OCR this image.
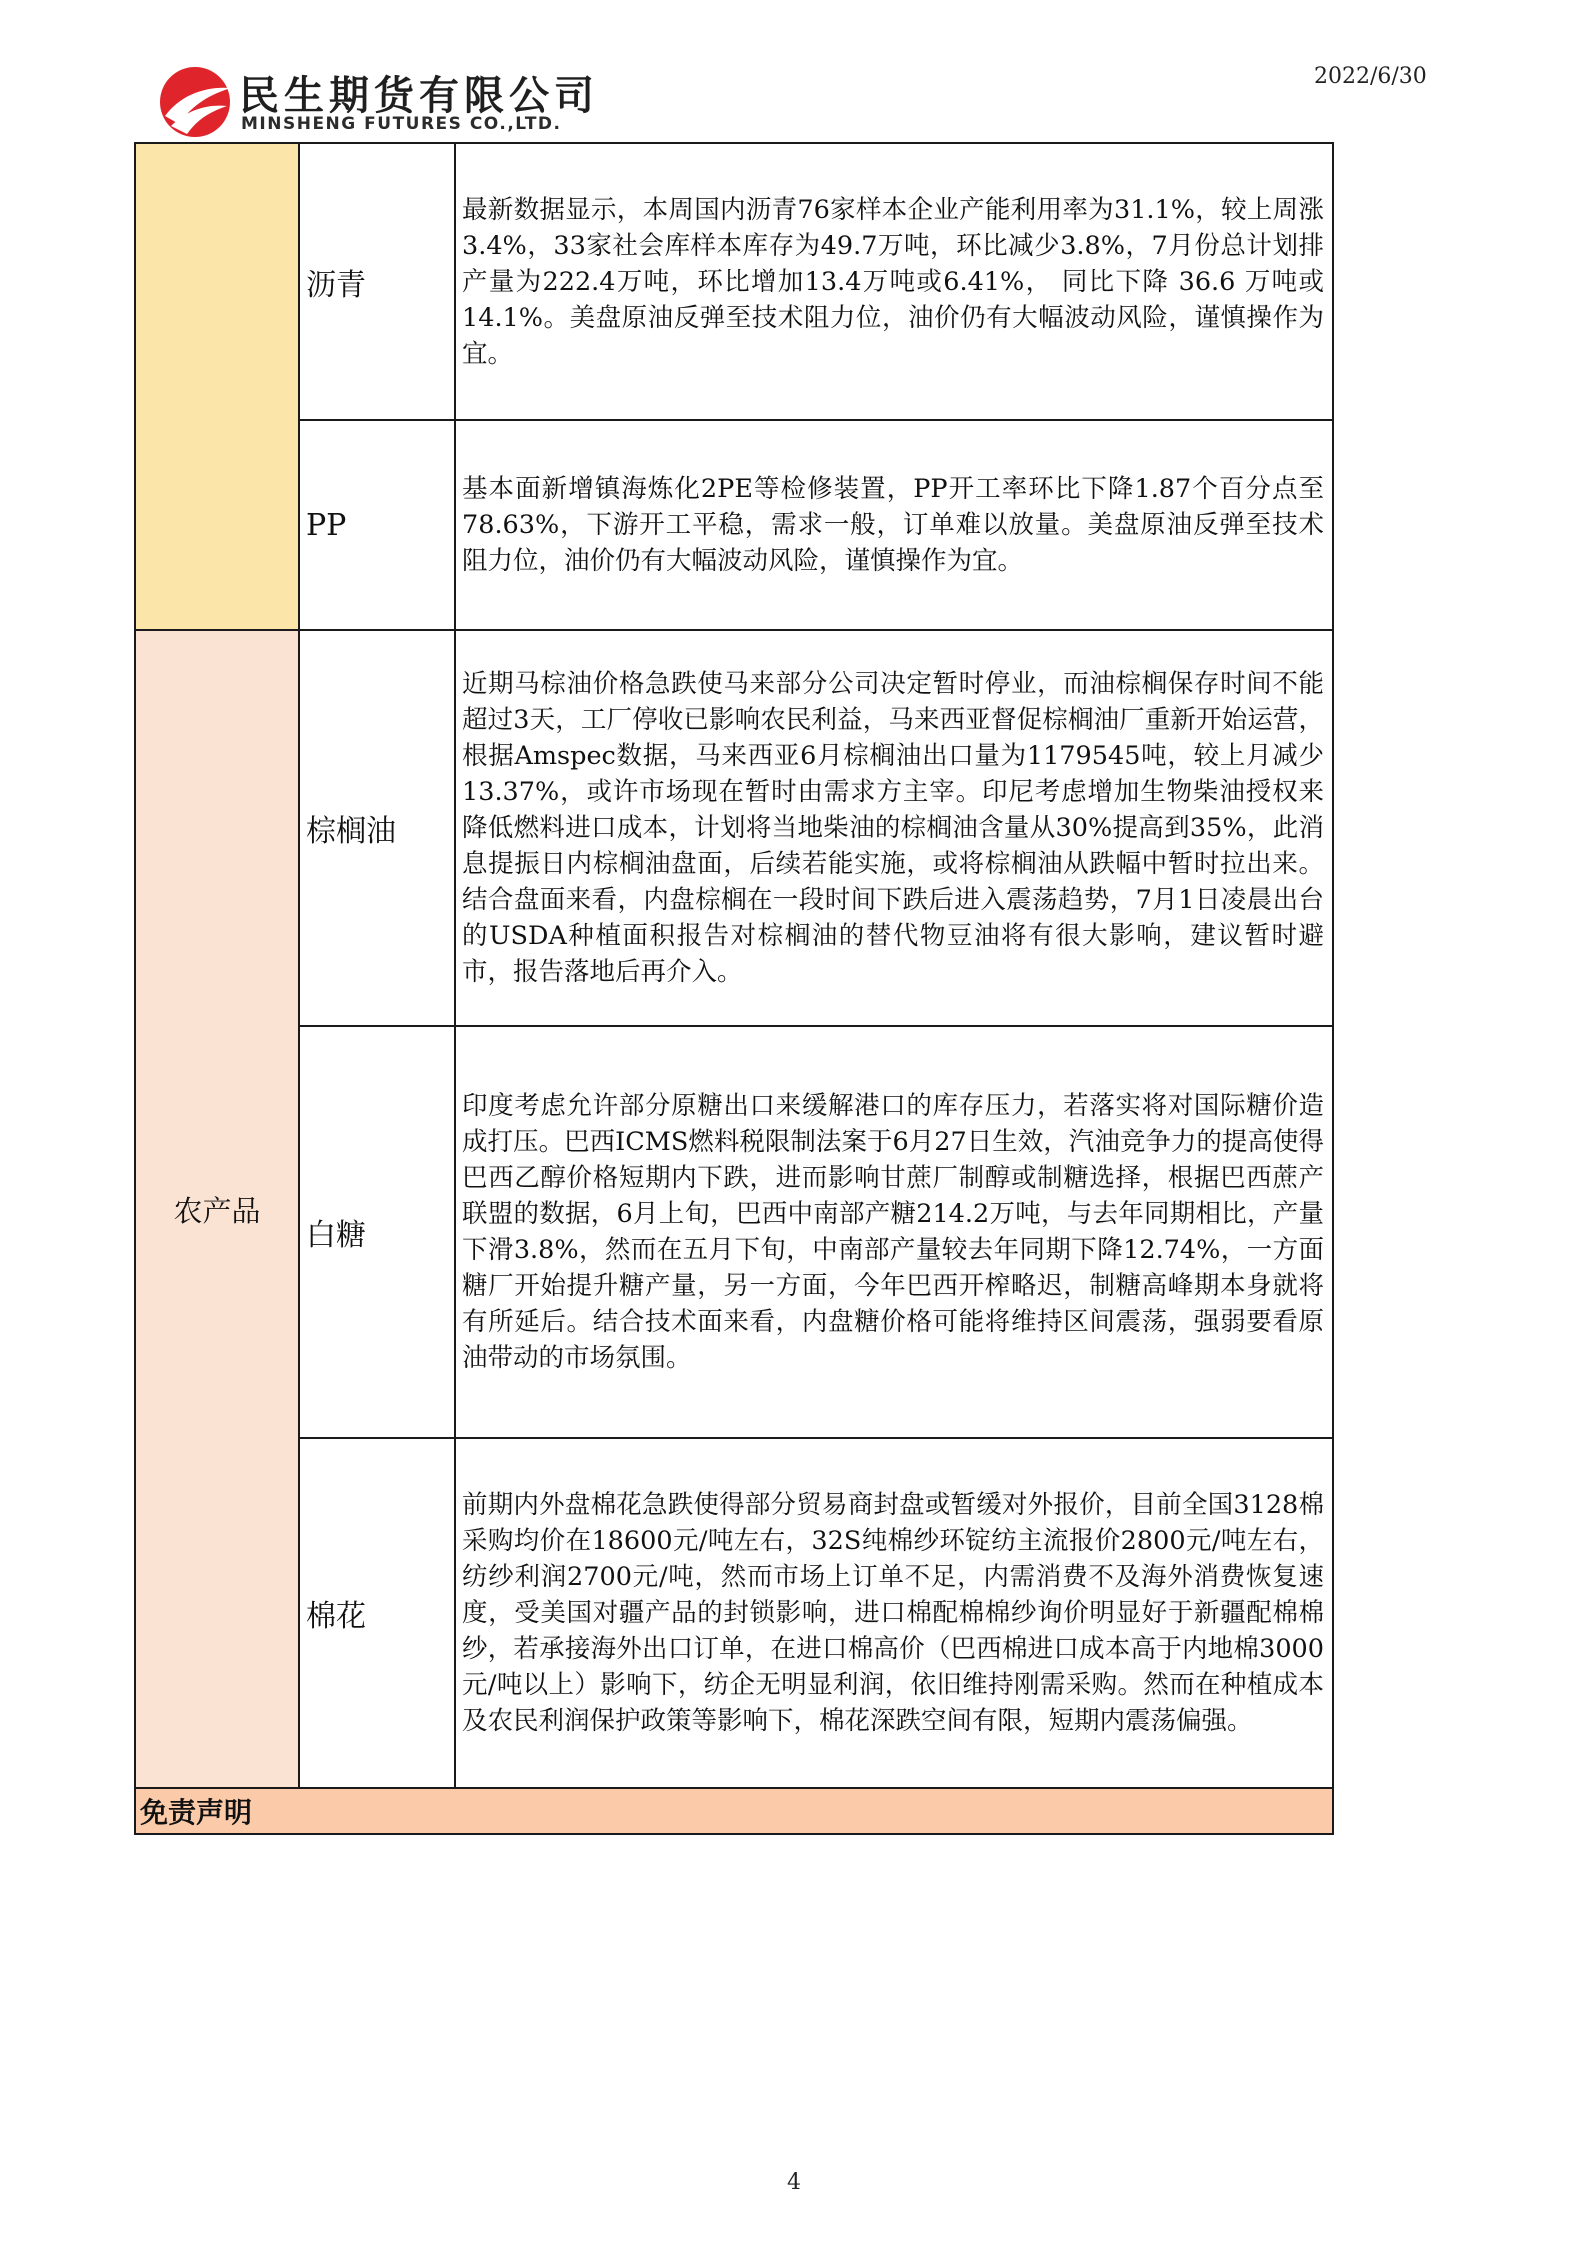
民生期货有限公司
MINSHENG FUTURES CO.,LTD.
2022/6/30
	沥青	最新数据显示，本周国内沥青76家样本企业产能利用率为31.1%，较上周涨3.4%，33家社会库样本库存为49.7万吨，环比减少3.8%，7月份总计划排产量为222.4万吨，环比增加13.4万吨或6.41%， 同比下降 36.6 万吨或 14.1%。美盘原油反弹至技术阻力位，油价仍有大幅波动风险，谨慎操作为宜。
	PP	基本面新增镇海炼化2PE等检修装置，PP开工率环比下降1.87个百分点至78.63%，下游开工平稳，需求一般，订单难以放量。美盘原油反弹至技术阻力位，油价仍有大幅波动风险，谨慎操作为宜。
农产品	棕榈油	近期马棕油价格急跌使马来部分公司决定暂时停业，而油棕榈保存时间不能超过3天，工厂停收已影响农民利益，马来西亚督促棕榈油厂重新开始运营，根据Amspec数据，马来西亚6月棕榈油出口量为1179545吨，较上月减少13.37%，或许市场现在暂时由需求方主宰。印尼考虑增加生物柴油授权来降低燃料进口成本，计划将当地柴油的棕榈油含量从30%提高到35%，此消息提振日内棕榈油盘面，后续若能实施，或将棕榈油从跌幅中暂时拉出来。结合盘面来看，内盘棕榈在一段时间下跌后进入震荡趋势，7月1日凌晨出台的USDA种植面积报告对棕榈油的替代物豆油将有很大影响，建议暂时避市，报告落地后再介入。
	白糖	印度考虑允许部分原糖出口来缓解港口的库存压力，若落实将对国际糖价造成打压。巴西ICMS燃料税限制法案于6月27日生效，汽油竞争力的提高使得巴西乙醇价格短期内下跌，进而影响甘蔗厂制醇或制糖选择，根据巴西蔗产联盟的数据，6月上旬，巴西中南部产糖214.2万吨，与去年同期相比，产量下滑3.8%，然而在五月下旬，中南部产量较去年同期下降12.74%，一方面糖厂开始提升糖产量，另一方面，今年巴西开榨略迟，制糖高峰期本身就将有所延后。结合技术面来看，内盘糖价格可能将维持区间震荡，强弱要看原油带动的市场氛围。
	棉花	前期内外盘棉花急跌使得部分贸易商封盘或暂缓对外报价，目前全国3128棉采购均价在18600元/吨左右，32S纯棉纱环锭纺主流报价2800元/吨左右，纺纱利润2700元/吨，然而市场上订单不足，内需消费不及海外消费恢复速度，受美国对疆产品的封锁影响，进口棉配棉棉纱询价明显好于新疆配棉棉纱，若承接海外出口订单，在进口棉高价（巴西棉进口成本高于内地棉3000元/吨以上）影响下，纺企无明显利润，依旧维持刚需采购。然而在种植成本及农民利润保护政策等影响下，棉花深跌空间有限，短期内震荡偏强。
免责声明		
4
